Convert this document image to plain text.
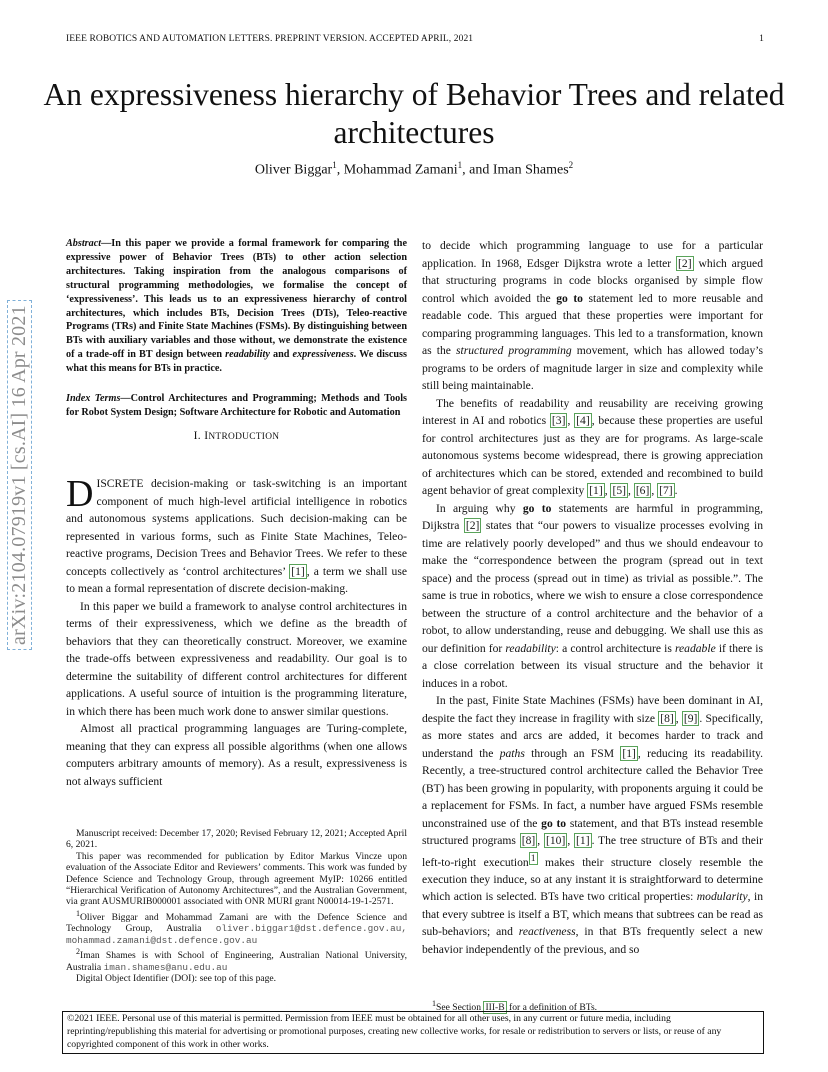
IEEE ROBOTICS AND AUTOMATION LETTERS. PREPRINT VERSION. ACCEPTED APRIL, 2021	1
An expressiveness hierarchy of Behavior Trees and related architectures
Oliver Biggar$^1$, Mohammad Zamani$^1$, and Iman Shames$^2$
arXiv:2104.07919v1 [cs.AI] 16 Apr 2021
Abstract—In this paper we provide a formal framework for comparing the expressive power of Behavior Trees (BTs) to other action selection architectures. Taking inspiration from the analogous comparisons of structural programming methodologies, we formalise the concept of ‘expressiveness’. This leads us to an expressiveness hierarchy of control architectures, which includes BTs, Decision Trees (DTs), Teleo-reactive Programs (TRs) and Finite State Machines (FSMs). By distinguishing between BTs with auxiliary variables and those without, we demonstrate the existence of a trade-off in BT design between readability and expressiveness. We discuss what this means for BTs in practice.
Index Terms—Control Architectures and Programming; Methods and Tools for Robot System Design; Software Architecture for Robotic and Automation
I. INTRODUCTION

DISCRETE decision-making or task-switching is an important component of much high-level artificial intelligence in robotics and autonomous systems applications. Such decision-making can be represented in various forms, such as Finite State Machines, Teleo-reactive programs, Decision Trees and Behavior Trees. We refer to these concepts collectively as ‘control architectures’ [1] , a term we shall use to mean a formal representation of discrete decision-making.

In this paper we build a framework to analyse control architectures in terms of their expressiveness, which we define as the breadth of behaviors that they can theoretically construct. Moreover, we examine the trade-offs between expressiveness and readability. Our goal is to determine the suitability of different control architectures for different applications. A useful source of intuition is the programming literature, in which there has been much work done to answer similar questions.

Almost all practical programming languages are Turing-complete, meaning that they can express all possible algorithms (when one allows computers arbitrary amounts of memory). As a result, expressiveness is not always sufficient

Manuscript received: December 17, 2020; Revised February 12, 2021; Accepted April 6, 2021.

This paper was recommended for publication by Editor Markus Vincze upon evaluation of the Associate Editor and Reviewers’ comments. This work was funded by Defence Science and Technology Group, through agreement MyIP: 10266 entitled “Hierarchical Verification of Autonomy Architectures”, and the Australian Government, via grant AUSMURIB000001 associated with ONR MURI grant N00014-19-1-2571.

$^1$Oliver Biggar and Mohammad Zamani are with the Defence Science and Technology Group, Australia oliver.biggar1@dst.defence.gov.au, mohammad.zamani@dst.defence.gov.au

$^2$Iman Shames is with School of Engineering, Australian National University, Australia iman.shames@anu.edu.au

Digital Object Identifier (DOI): see top of this page.

to decide which programming language to use for a particular application. In 1968, Edsger Dijkstra wrote a letter [2] which argued that structuring programs in code blocks organised by simple flow control which avoided the go to statement led to more reusable and readable code. This argued that these properties were important for comparing programming languages. This led to a transformation, known as the structured programming movement, which has allowed today’s programs to be orders of magnitude larger in size and complexity while still being maintainable.

The benefits of readability and reusability are receiving growing interest in AI and robotics [3] , [4] , because these properties are useful for control architectures just as they are for programs. As large-scale autonomous systems become widespread, there is growing appreciation of architectures which can be stored, extended and recombined to build agent behavior of great complexity [1] , [5] , [6] , [7] .

In arguing why go to statements are harmful in programming, Dijkstra [2] states that “our powers to visualize processes evolving in time are relatively poorly developed” and thus we should endeavour to make the “correspondence between the program (spread out in text space) and the process (spread out in time) as trivial as possible.”. The same is true in robotics, where we wish to ensure a close correspondence between the structure of a control architecture and the behavior of a robot, to allow understanding, reuse and debugging. We shall use this as our definition for readability: a control architecture is readable if there is a close correlation between its visual structure and the behavior it induces in a robot.

In the past, Finite State Machines (FSMs) have been dominant in AI, despite the fact they increase in fragility with size [8] , [9] . Specifically, as more states and arcs are added, it becomes harder to track and understand the paths through an FSM [1] , reducing its readability. Recently, a tree-structured control architecture called the Behavior Tree (BT) has been growing in popularity, with proponents arguing it could be a replacement for FSMs. In fact, a number have argued FSMs resemble unconstrained use of the go to statement, and that BTs instead resemble structured programs [8] , [10] , [1] . The tree structure of BTs and their left-to-right execution $^1$ makes their structure closely resemble the execution they induce, so at any instant it is straightforward to determine which action is selected. BTs have two critical properties: modularity, in that every subtree is itself a BT, which means that subtrees can be read as sub-behaviors; and reactiveness, in that BTs frequently select a new behavior independently of the previous, and so

$^1$See Section III-B for a definition of BTs.

©2021 IEEE. Personal use of this material is permitted. Permission from IEEE must be obtained for all other uses, in any current or future media, including reprinting/republishing this material for advertising or promotional purposes, creating new collective works, for resale or redistribution to servers or lists, or reuse of any copyrighted component of this work in other works.
